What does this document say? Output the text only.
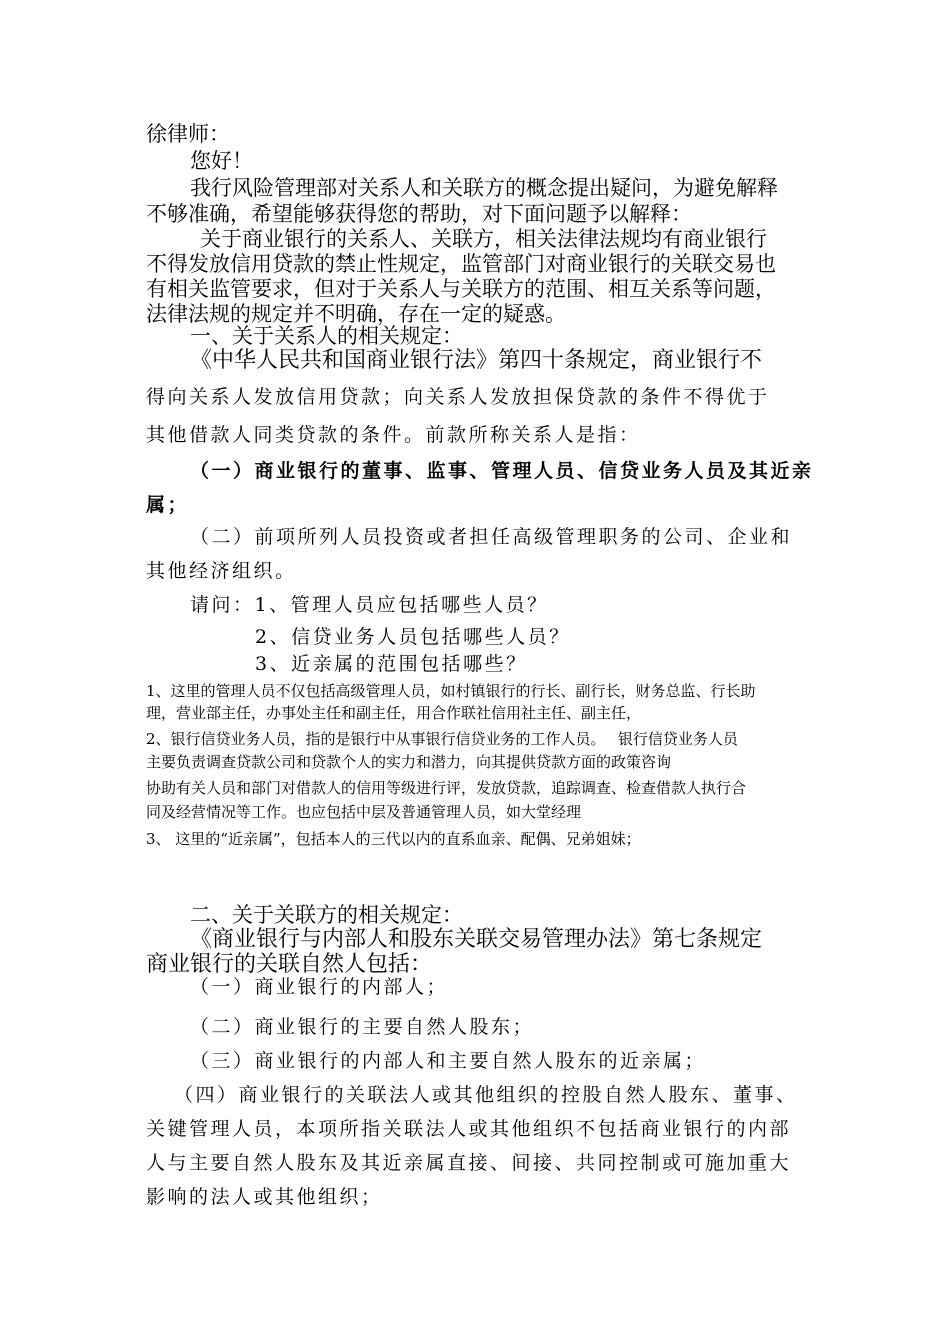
徐律师：
您好！
我行风险管理部对关系人和关联方的概念提出疑问，为避免解释
不够准确，希望能够获得您的帮助，对下面问题予以解释：
关于商业银行的关系人、关联方，相关法律法规均有商业银行
不得发放信用贷款的禁止性规定，监管部门对商业银行的关联交易也
有相关监管要求，但对于关系人与关联方的范围、相互关系等问题，
法律法规的规定并不明确，存在一定的疑惑。
一、关于关系人的相关规定：
《中华人民共和国商业银行法》第四十条规定，商业银行不
得向关系人发放信用贷款；向关系人发放担保贷款的条件不得优于
其他借款人同类贷款的条件。前款所称关系人是指：
（一）商业银行的董事、监事、管理人员、信贷业务人员及其近亲
属；
（二）前项所列人员投资或者担任高级管理职务的公司、企业和
其他经济组织。
请问：1、管理人员应包括哪些人员？
2、信贷业务人员包括哪些人员？
3、近亲属的范围包括哪些？
1、这里的管理人员不仅包括高级管理人员，如村镇银行的行长、副行长，财务总监、行长助
理，营业部主任，办事处主任和副主任，用合作联社信用社主任、副主任，
2、银行信贷业务人员，指的是银行中从事银行信贷业务的工作人员。　 银行信贷业务人员
主要负责调查贷款公司和贷款个人的实力和潜力，向其提供贷款方面的政策咨询
协助有关人员和部门对借款人的信用等级进行评，发放贷款，追踪调查、检查借款人执行合
同及经营情况等工作。也应包括中层及普通管理人员，如大堂经理
3、 这里的“近亲属”，包括本人的三代以内的直系血亲、配偶、兄弟姐妹；
二、关于关联方的相关规定：
《商业银行与内部人和股东关联交易管理办法》第七条规定
商业银行的关联自然人包括：
（一）商业银行的内部人；
（二）商业银行的主要自然人股东；
（三）商业银行的内部人和主要自然人股东的近亲属；
（四）商业银行的关联法人或其他组织的控股自然人股东、董事、
关键管理人员，本项所指关联法人或其他组织不包括商业银行的内部
人与主要自然人股东及其近亲属直接、间接、共同控制或可施加重大
影响的法人或其他组织；
